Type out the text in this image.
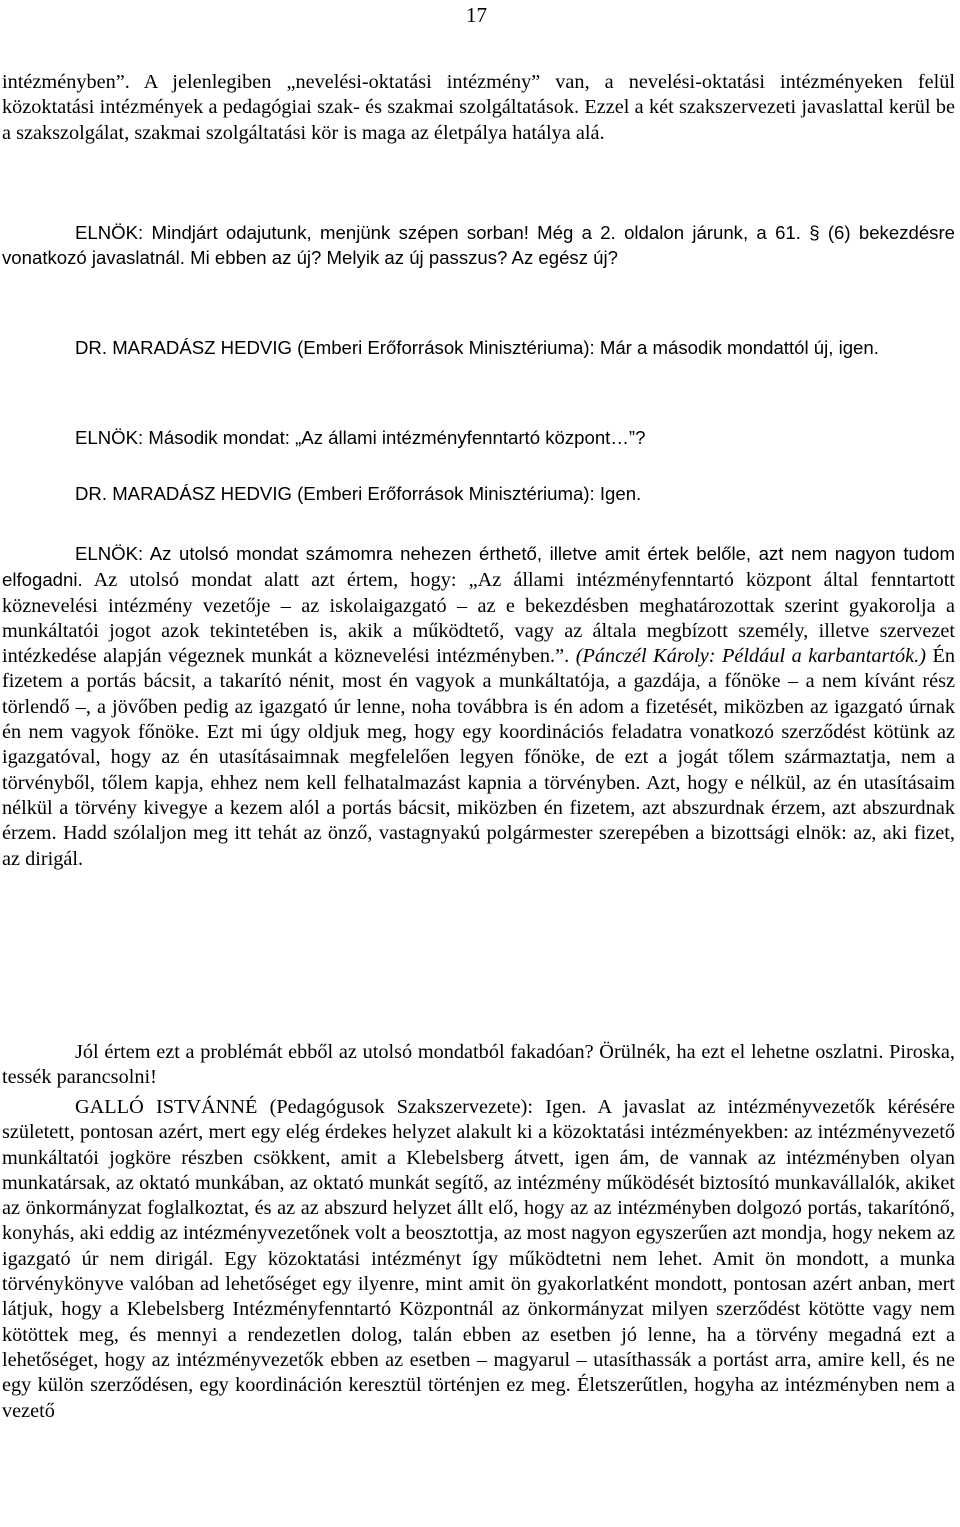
17

intézményben”. A jelenlegiben „nevelési-oktatási intézmény” van, a nevelési-oktatási intézményeken felül közoktatási intézmények a pedagógiai szak- és szakmai szolgáltatások. Ezzel a két szakszervezeti javaslattal kerül be a szakszolgálat, szakmai szolgáltatási kör is maga az életpálya hatálya alá.

ELNÖK: Mindjárt odajutunk, menjünk szépen sorban! Még a 2. oldalon járunk, a 61. § (6) bekezdésre vonatkozó javaslatnál. Mi ebben az új? Melyik az új passzus? Az egész új?

DR. MARADÁSZ HEDVIG (Emberi Erőforrások Minisztériuma): Már a második mondattól új, igen.

ELNÖK: Második mondat: „Az állami intézményfenntartó központ…”?

DR. MARADÁSZ HEDVIG (Emberi Erőforrások Minisztériuma): Igen.

ELNÖK: Az utolsó mondat számomra nehezen érthető, illetve amit értek belőle, azt nem nagyon tudom elfogadni. Az utolsó mondat alatt azt értem, hogy: „Az állami intézményfenntartó központ által fenntartott köznevelési intézmény vezetője – az iskolaigazgató – az e bekezdésben meghatározottak szerint gyakorolja a munkáltatói jogot azok tekintetében is, akik a működtető, vagy az általa megbízott személy, illetve szervezet intézkedése alapján végeznek munkát a köznevelési intézményben.”. (Pánczél Károly: Például a karbantartók.) Én fizetem a portás bácsit, a takarító nénit, most én vagyok a munkáltatója, a gazdája, a főnöke – a nem kívánt rész törlendő –, a jövőben pedig az igazgató úr lenne, noha továbbra is én adom a fizetését, miközben az igazgató úrnak én nem vagyok főnöke. Ezt mi úgy oldjuk meg, hogy egy koordinációs feladatra vonatkozó szerződést kötünk az igazgatóval, hogy az én utasításaimnak megfelelően legyen főnöke, de ezt a jogát tőlem származtatja, nem a törvényből, tőlem kapja, ehhez nem kell felhatalmazást kapnia a törvényben. Azt, hogy e nélkül, az én utasításaim nélkül a törvény kivegye a kezem alól a portás bácsit, miközben én fizetem, azt abszurdnak érzem, azt abszurdnak érzem. Hadd szólaljon meg itt tehát az önző, vastagnyakú polgármester szerepében a bizottsági elnök: az, aki fizet, az dirigál.

Jól értem ezt a problémát ebből az utolsó mondatból fakadóan? Örülnék, ha ezt el lehetne oszlatni. Piroska, tessék parancsolni!

GALLÓ ISTVÁNNÉ (Pedagógusok Szakszervezete): Igen. A javaslat az intézményvezetők kérésére született, pontosan azért, mert egy elég érdekes helyzet alakult ki a közoktatási intézményekben: az intézményvezető munkáltatói jogköre részben csökkent, amit a Klebelsberg átvett, igen ám, de vannak az intézményben olyan munkatársak, az oktató munkában, az oktató munkát segítő, az intézmény működését biztosító munkavállalók, akiket az önkormányzat foglalkoztat, és az az abszurd helyzet állt elő, hogy az az intézményben dolgozó portás, takarítónő, konyhás, aki eddig az intézményvezetőnek volt a beosztottja, az most nagyon egyszerűen azt mondja, hogy nekem az igazgató úr nem dirigál. Egy közoktatási intézményt így működtetni nem lehet. Amit ön mondott, a munka törvénykönyve valóban ad lehetőséget egy ilyenre, mint amit ön gyakorlatként mondott, pontosan azért anban, mert látjuk, hogy a Klebelsberg Intézményfenntartó Központnál az önkormányzat milyen szerződést kötötte vagy nem kötöttek meg, és mennyi a rendezetlen dolog, talán ebben az esetben jó lenne, ha a törvény megadná ezt a lehetőséget, hogy az intézményvezetők ebben az esetben – magyarul – utasíthassák a portást arra, amire kell, és ne egy külön szerződésen, egy koordináción keresztül történjen ez meg. Életszerűtlen, hogyha az intézményben nem a vezető
